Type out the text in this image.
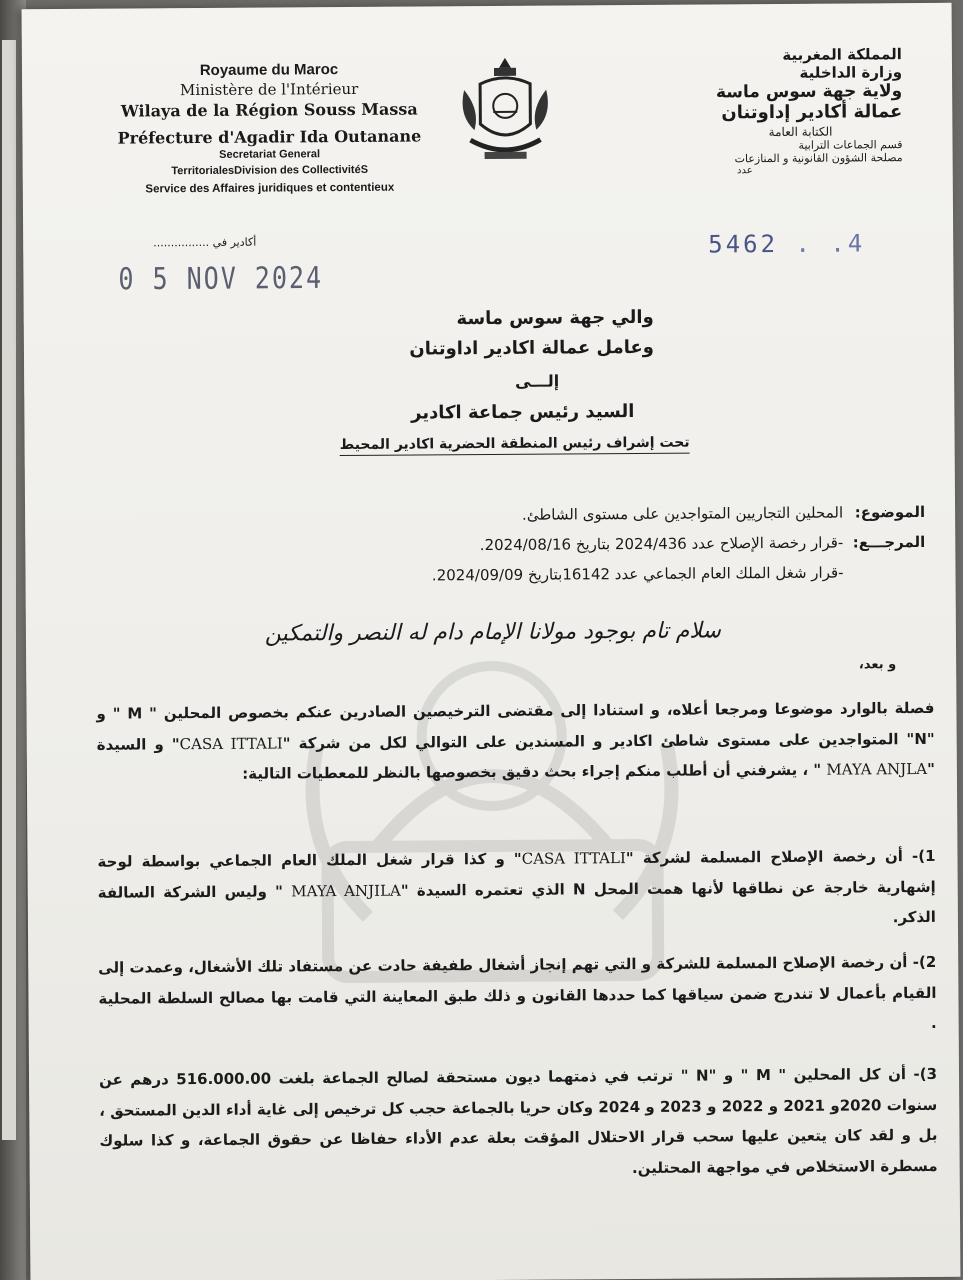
Royaume du Maroc
Ministère de l'Intérieur
Wilaya de la Région Souss Massa
Préfecture d'Agadir Ida Outanane
Secretariat General
TerritorialesDivision des CollectivitéS
Service des Affaires juridiques et contentieux
أكادير في ................
0 5 NOV 2024
المملكة المغربية
وزارة الداخلية
ولاية جهة سوس ماسة
عمالة أكادير إداوتنان
الكتابة العامة
قسم الجماعات الترابية
مصلحة الشؤون القانونية و المنازعات
عدد
5462 . .4
والي جهة سوس ماسة
وعامل عمالة اكادير اداوتنان
إلـــى
السيد رئيس جماعة اكادير
تحت إشراف رئيس المنطقة الحضرية اكادير المحيط
الموضوع:
المحلين التجاريين المتواجدين على مستوى الشاطئ.
المرجـــع:
-قرار رخصة الإصلاح عدد 2024/436 بتاريخ 2024/08/16.
-قرار شغل الملك العام الجماعي عدد 16142بتاريخ 2024/09/09.
سلام تام بوجود مولانا الإمام دام له النصر والتمكين
و بعد،
فصلة بالوارد موضوعا ومرجعا أعلاه، و استنادا إلى مقتضى الترخيصين الصادرين عنكم بخصوص المحلين " M " و "N" المتواجدين على مستوى شاطئ اكادير و المسندين على التوالي لكل من شركة "CASA ITTALI" و السيدة "MAYA ANJLA " ، يشرفني أن أطلب منكم إجراء بحث دقيق بخصوصها بالنظر للمعطيات التالية:
1)- أن رخصة الإصلاح المسلمة لشركة "CASA ITTALI" و كذا قرار شغل الملك العام الجماعي بواسطة لوحة إشهارية خارجة عن نطاقها لأنها همت المحل N الذي تعتمره السيدة "MAYA ANJILA " وليس الشركة السالفة الذكر.
2)- أن رخصة الإصلاح المسلمة للشركة و التي تهم إنجاز أشغال طفيفة حادت عن مستفاد تلك الأشغال، وعمدت إلى القيام بأعمال لا تندرج ضمن سياقها كما حددها القانون و ذلك طبق المعاينة التي قامت بها مصالح السلطة المحلية .
3)- أن كل المحلين " M " و "N " ترتب في ذمتهما ديون مستحقة لصالح الجماعة بلغت 516.000.00 درهم عن سنوات 2020و 2021 و 2022 و 2023 و 2024 وكان حريا بالجماعة حجب كل ترخيص إلى غاية أداء الدين المستحق ، بل و لقد كان يتعين عليها سحب قرار الاحتلال المؤقت بعلة عدم الأداء حفاظا عن حقوق الجماعة، و كذا سلوك مسطرة الاستخلاص في مواجهة المحتلين.
